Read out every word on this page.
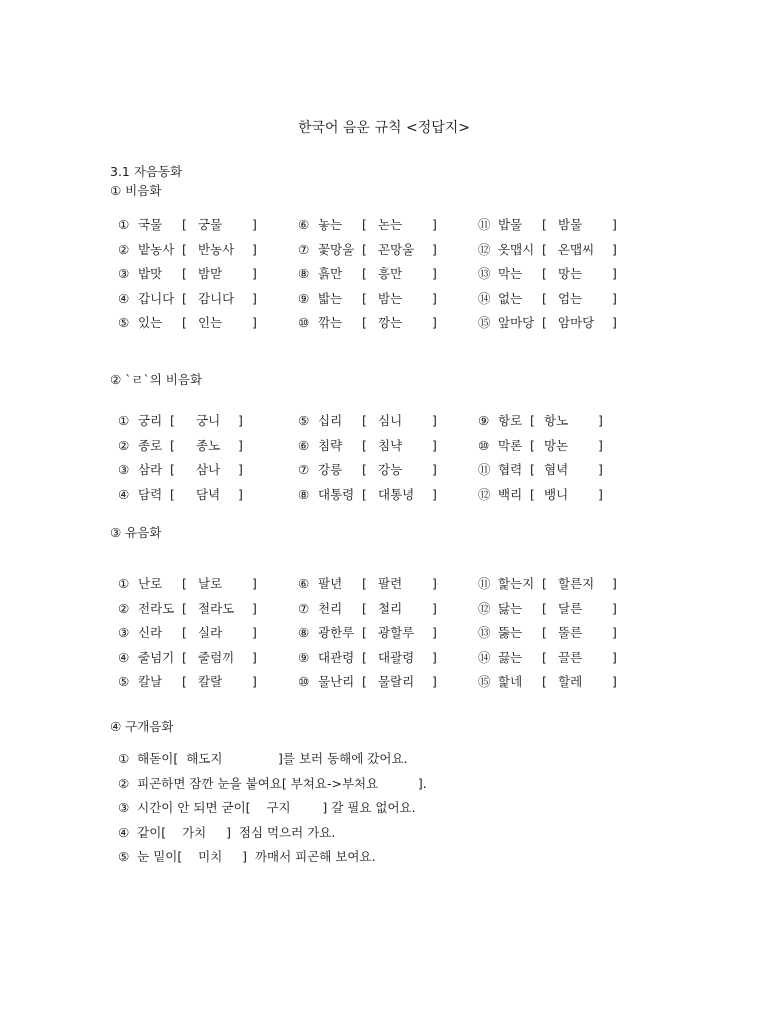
한국어 음운 규칙 <정답지>
3.1 자음동화
① 비음화
① 국물 [ 궁물 ]
② 밭농사 [ 반농사 ]
③ 밥맛 [ 밤맏 ]
④ 갑니다 [ 감니다 ]
⑤ 있는 [ 인는 ]
⑥ 놓는 [ 논는 ]
⑦ 꽃망울 [ 꼰망울 ]
⑧ 흙만 [ 흥만 ]
⑨ 밟는 [ 밤는 ]
⑩ 깎는 [ 깡는 ]
⑪ 밥물 [ 밤물 ]
⑫ 옷맵시 [ 온맵씨 ]
⑬ 막는 [ 망는 ]
⑭ 없는 [ 엄는 ]
⑮ 앞마당 [ 암마당 ]
② `ㄹ`의 비음화
① 궁리 [ 궁니 ]
② 종로 [ 종노 ]
③ 삼라 [ 삼나 ]
④ 담력 [ 담녁 ]
⑤ 십리 [ 심니 ]
⑥ 침략 [ 침냑 ]
⑦ 강릉 [ 강능 ]
⑧ 대통령 [ 대통녕 ]
⑨ 항로 [ 항노 ]
⑩ 막론 [ 망논 ]
⑪ 협력 [ 혐녁 ]
⑫ 백리 [ 뱅니 ]
③ 유음화
① 난로 [ 날로 ]
② 전라도 [ 절라도 ]
③ 신라 [ 실라 ]
④ 줄넘기 [ 줄럼끼 ]
⑤ 칼날 [ 칼랄 ]
⑥ 팔년 [ 팔련 ]
⑦ 천리 [ 철리 ]
⑧ 광한루 [ 광할루 ]
⑨ 대관령 [ 대괄령 ]
⑩ 물난리 [ 물랄리 ]
⑪ 핥는지 [ 할른지 ]
⑫ 닳는 [ 달른 ]
⑬ 뚫는 [ 뚤른 ]
⑭ 끓는 [ 끌른 ]
⑮ 핥네 [ 할레 ]
④ 구개음화
①  해돋이[  해도지              ]를 보러 동해에 갔어요.
②  피곤하면 잠깐 눈을 붙여요[ 부쳐요->부처요          ].
③  시간이 안 되면 굳이[    구지        ] 갈 필요 없어요.
④  같이[    가치     ]  점심 먹으러 가요.
⑤  눈 밑이[    미치     ]  까매서 피곤해 보여요.
